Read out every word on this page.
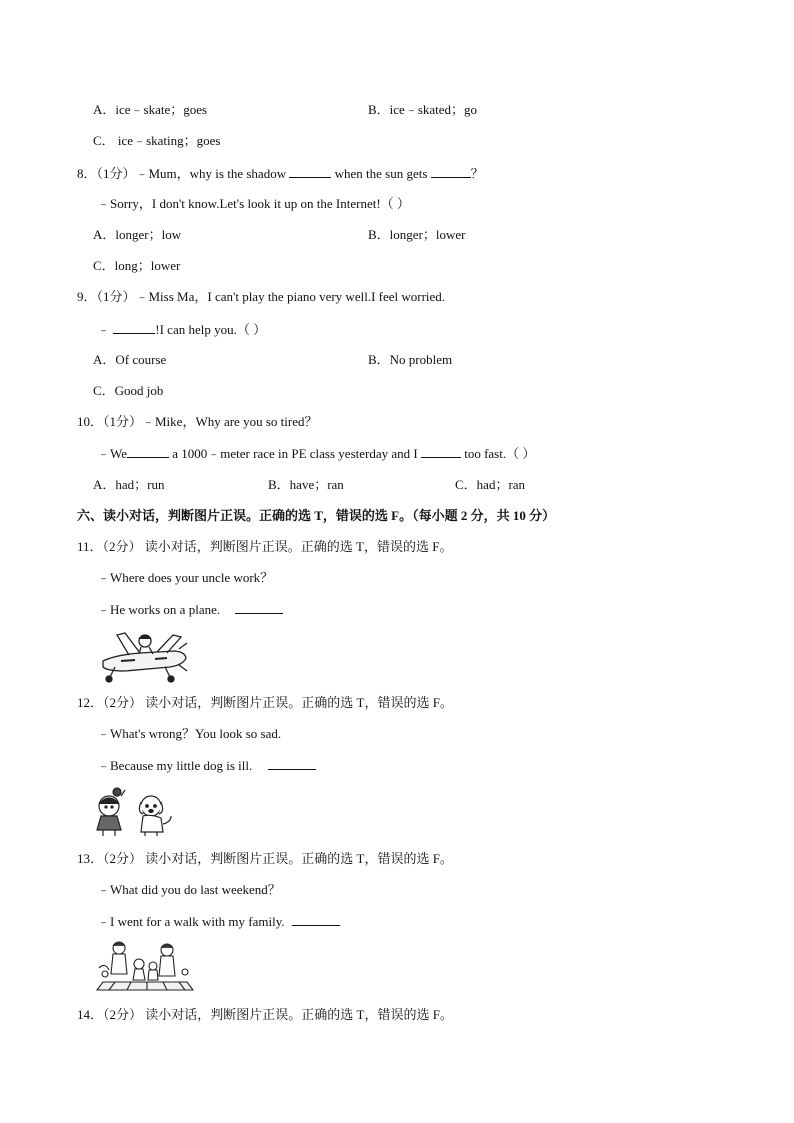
A．ice﹣skate；goes	B．ice﹣skated；go
C． ice﹣skating；goes
8．（1分）﹣Mum，why is the shadow	when the sun gets	？
﹣Sorry，I don't know.Let's look it up on the Internet!（ ）
A．longer；low	B．longer；lower
C．long；lower
9．（1分）﹣Miss Ma，I can't play the piano very well.I feel worried.
﹣	!I can help you.（ ）
A．Of course	B．No problem
C．Good job
10．（1分）﹣Mike，Why are you so tired？
﹣We	a 1000﹣meter race in PE class yesterday and I	too fast.（ ）
A．had；run	B．have；ran	C．had；ran
六、读小对话，判断图片正误。正确的选 T，错误的选 F。（每小题 2 分，共 10 分）
11．（2分） 读小对话，判断图片正误。正确的选 T，错误的选 F。
﹣Where does your uncle work？
﹣He works on a plane.
12．（2分） 读小对话，判断图片正误。正确的选 T，错误的选 F。
﹣What's wrong？You look so sad.
﹣Because my little dog is ill.
13．（2分） 读小对话，判断图片正误。正确的选 T，错误的选 F。
﹣What did you do last weekend？
﹣I went for a walk with my family.
14．（2分） 读小对话，判断图片正误。正确的选 T，错误的选 F。
